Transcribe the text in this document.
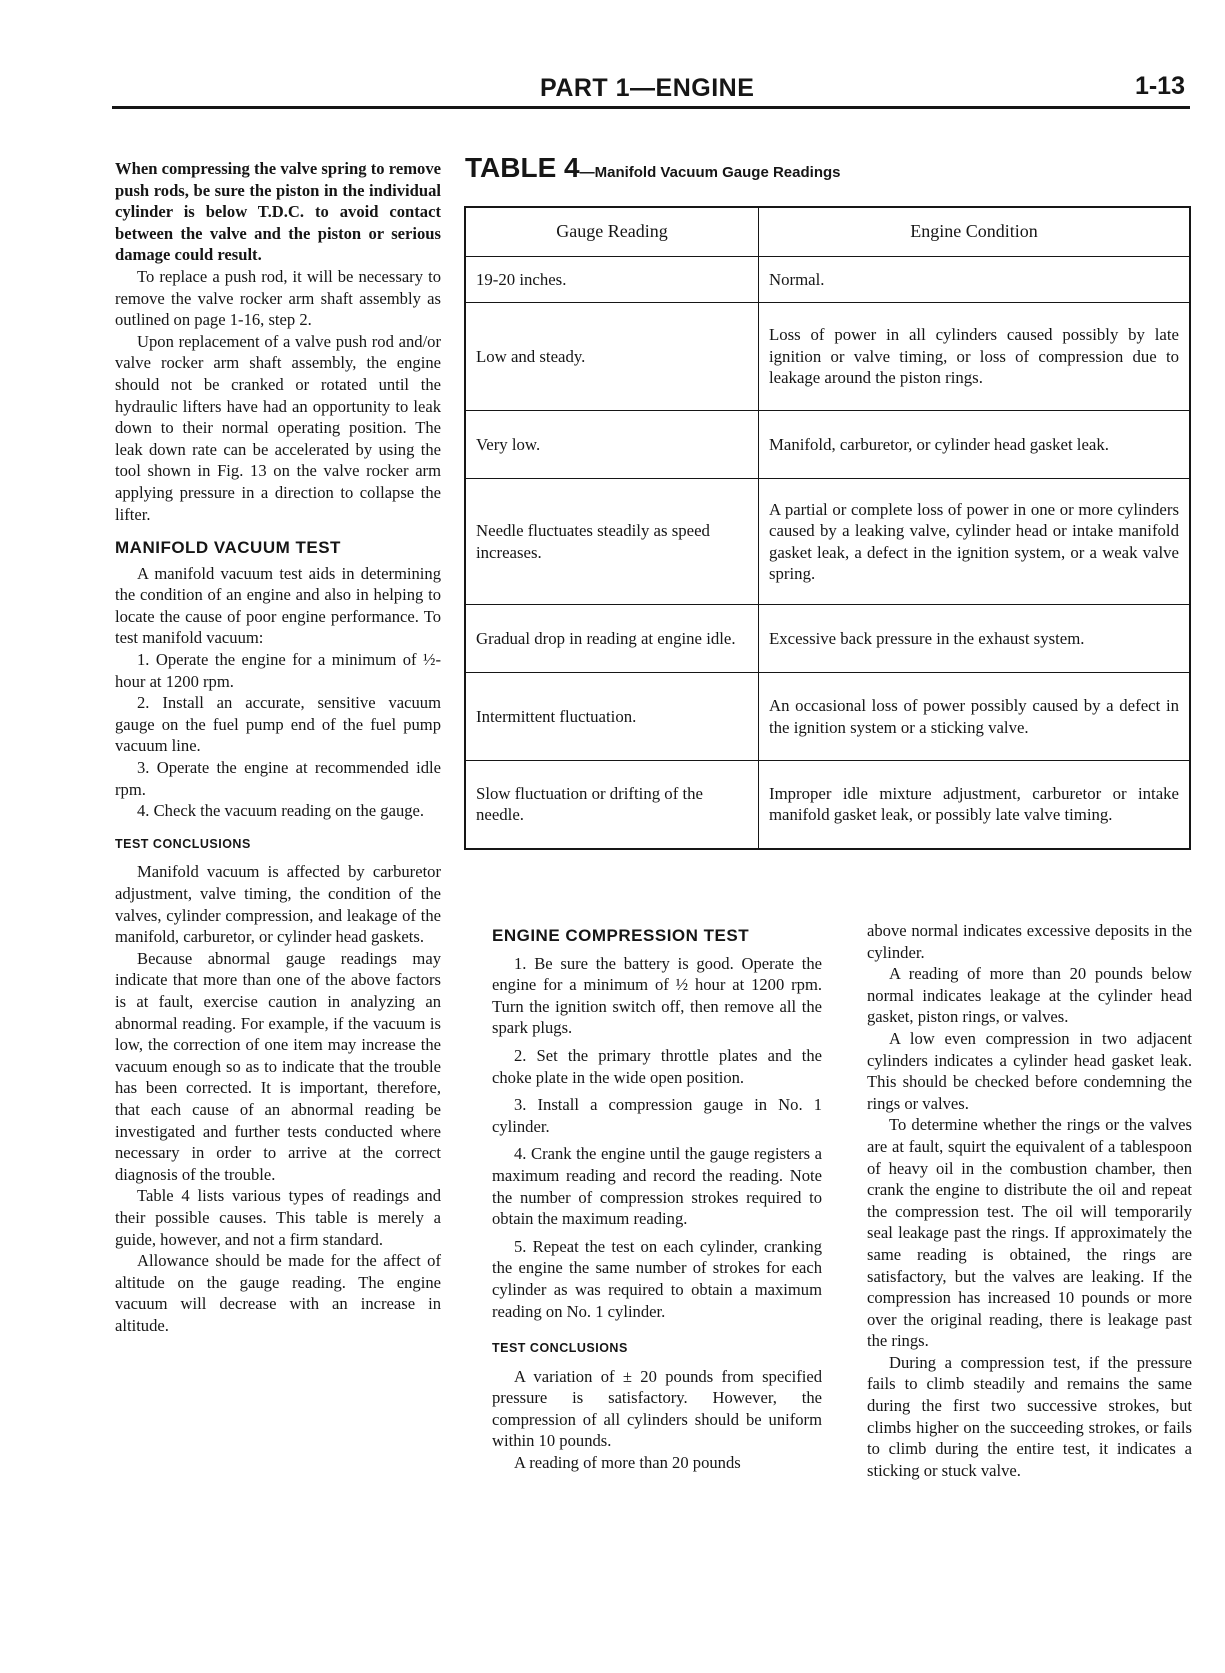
PART 1—ENGINE	1-13

When compressing the valve spring to remove push rods, be sure the piston in the individual cylinder is below T.D.C. to avoid contact between the valve and the piston or serious damage could result.

To replace a push rod, it will be necessary to remove the valve rocker arm shaft assembly as outlined on page 1-16, step 2.

Upon replacement of a valve push rod and/or valve rocker arm shaft assembly, the engine should not be cranked or rotated until the hydraulic lifters have had an opportunity to leak down to their normal operating position. The leak down rate can be accelerated by using the tool shown in Fig. 13 on the valve rocker arm applying pressure in a direction to collapse the lifter.

MANIFOLD VACUUM TEST

A manifold vacuum test aids in determining the condition of an engine and also in helping to locate the cause of poor engine performance. To test manifold vacuum:

1. Operate the engine for a minimum of ½-hour at 1200 rpm.

2. Install an accurate, sensitive vacuum gauge on the fuel pump end of the fuel pump vacuum line.

3. Operate the engine at recommended idle rpm.

4. Check the vacuum reading on the gauge.

TEST CONCLUSIONS

Manifold vacuum is affected by carburetor adjustment, valve timing, the condition of the valves, cylinder compression, and leakage of the manifold, carburetor, or cylinder head gaskets.

Because abnormal gauge readings may indicate that more than one of the above factors is at fault, exercise caution in analyzing an abnormal reading. For example, if the vacuum is low, the correction of one item may increase the vacuum enough so as to indicate that the trouble has been corrected. It is important, therefore, that each cause of an abnormal reading be investigated and further tests conducted where necessary in order to arrive at the correct diagnosis of the trouble.

Table 4 lists various types of readings and their possible causes. This table is merely a guide, however, and not a firm standard.

Allowance should be made for the affect of altitude on the gauge reading. The engine vacuum will decrease with an increase in altitude.

TABLE 4—Manifold Vacuum Gauge Readings
Gauge Reading	Engine Condition
19-20 inches.	Normal.
Low and steady.	Loss of power in all cylinders caused possibly by late ignition or valve timing, or loss of compression due to leakage around the piston rings.
Very low.	Manifold, carburetor, or cylinder head gasket leak.
Needle fluctuates steadily as speed increases.	A partial or complete loss of power in one or more cylinders caused by a leaking valve, cylinder head or intake manifold gasket leak, a defect in the ignition system, or a weak valve spring.
Gradual drop in reading at engine idle.	Excessive back pressure in the exhaust system.
Intermittent fluctuation.	An occasional loss of power possibly caused by a defect in the ignition system or a sticking valve.
Slow fluctuation or drifting of the needle.	Improper idle mixture adjustment, carburetor or intake manifold gasket leak, or possibly late valve timing.
ENGINE COMPRESSION TEST

1. Be sure the battery is good. Operate the engine for a minimum of ½ hour at 1200 rpm. Turn the ignition switch off, then remove all the spark plugs.

2. Set the primary throttle plates and the choke plate in the wide open position.

3. Install a compression gauge in No. 1 cylinder.

4. Crank the engine until the gauge registers a maximum reading and record the reading. Note the number of compression strokes required to obtain the maximum reading.

5. Repeat the test on each cylinder, cranking the engine the same number of strokes for each cylinder as was required to obtain a maximum reading on No. 1 cylinder.

TEST CONCLUSIONS

A variation of ± 20 pounds from specified pressure is satisfactory. However, the compression of all cylinders should be uniform within 10 pounds.

A reading of more than 20 pounds

above normal indicates excessive deposits in the cylinder.

A reading of more than 20 pounds below normal indicates leakage at the cylinder head gasket, piston rings, or valves.

A low even compression in two adjacent cylinders indicates a cylinder head gasket leak. This should be checked before condemning the rings or valves.

To determine whether the rings or the valves are at fault, squirt the equivalent of a tablespoon of heavy oil in the combustion chamber, then crank the engine to distribute the oil and repeat the compression test. The oil will temporarily seal leakage past the rings. If approximately the same reading is obtained, the rings are satisfactory, but the valves are leaking. If the compression has increased 10 pounds or more over the original reading, there is leakage past the rings.

During a compression test, if the pressure fails to climb steadily and remains the same during the first two successive strokes, but climbs higher on the succeeding strokes, or fails to climb during the entire test, it indicates a sticking or stuck valve.
